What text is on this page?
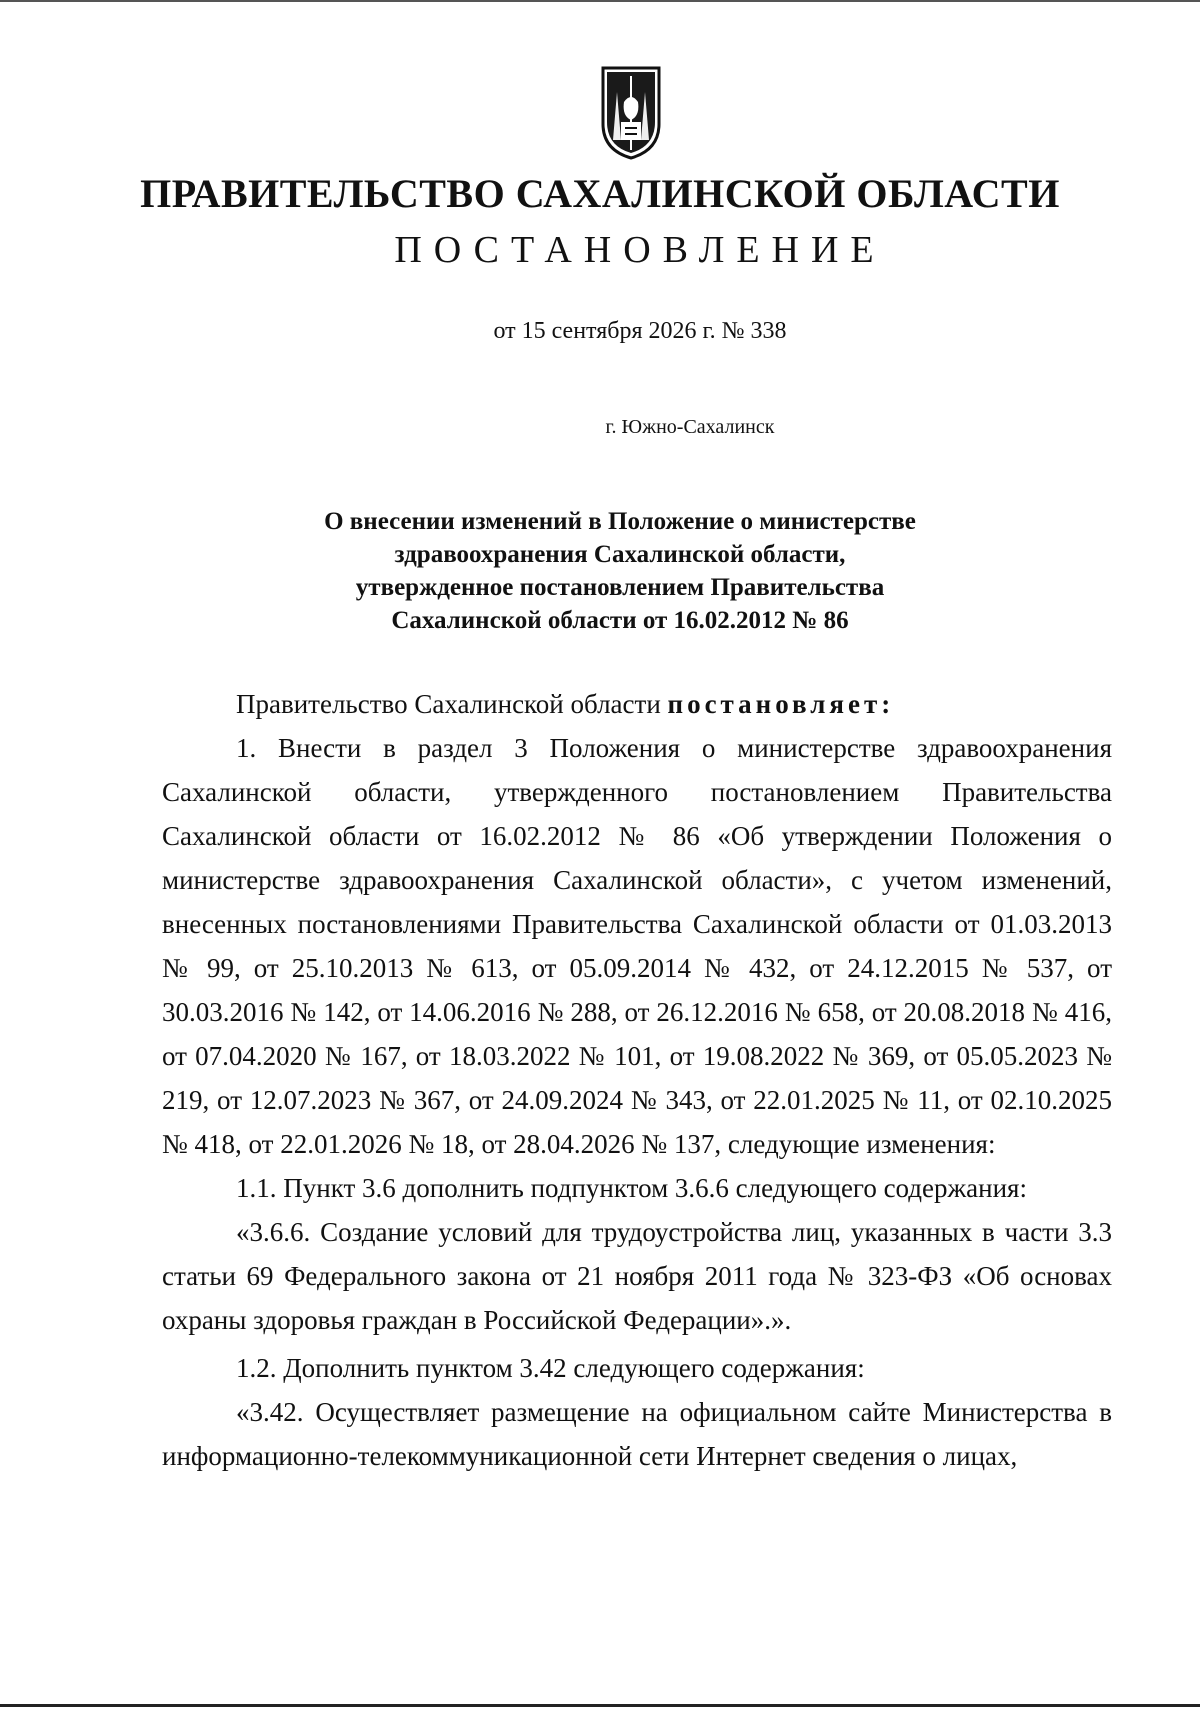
ПРАВИТЕЛЬСТВО САХАЛИНСКОЙ ОБЛАСТИ
ПОСТАНОВЛЕНИЕ
от 15 сентября 2026 г. № 338
г. Южно-Сахалинск
О внесении изменений в Положение о министерстве
здравоохранения Сахалинской области,
утвержденное постановлением Правительства
Сахалинской области от 16.02.2012 № 86

Правительство Сахалинской области постановляет:

1. Внести в раздел 3 Положения о министерстве здравоохранения Сахалинской области, утвержденного постановлением Правительства Сахалинской области от 16.02.2012 № 86 «Об утверждении Положения о министерстве здравоохранения Сахалинской области», с учетом изменений, внесенных постановлениями Правительства Сахалинской области от 01.03.2013 № 99, от 25.10.2013 № 613, от 05.09.2014 № 432, от 24.12.2015 № 537, от 30.03.2016 № 142, от 14.06.2016 № 288, от 26.12.2016 № 658, от 20.08.2018 № 416, от 07.04.2020 № 167, от 18.03.2022 № 101, от 19.08.2022 № 369, от 05.05.2023 № 219, от 12.07.2023 № 367, от 24.09.2024 № 343, от 22.01.2025 № 11, от 02.10.2025 № 418, от 22.01.2026 № 18, от 28.04.2026 № 137, следующие изменения:

1.1. Пункт 3.6 дополнить подпунктом 3.6.6 следующего содержания:

«3.6.6. Создание условий для трудоустройства лиц, указанных в части 3.3 статьи 69 Федерального закона от 21 ноября 2011 года № 323-ФЗ «Об основах охраны здоровья граждан в Российской Федерации».».

1.2. Дополнить пунктом 3.42 следующего содержания:

«3.42. Осуществляет размещение на официальном сайте Министерства в информационно-телекоммуникационной сети Интернет сведения о лицах,
